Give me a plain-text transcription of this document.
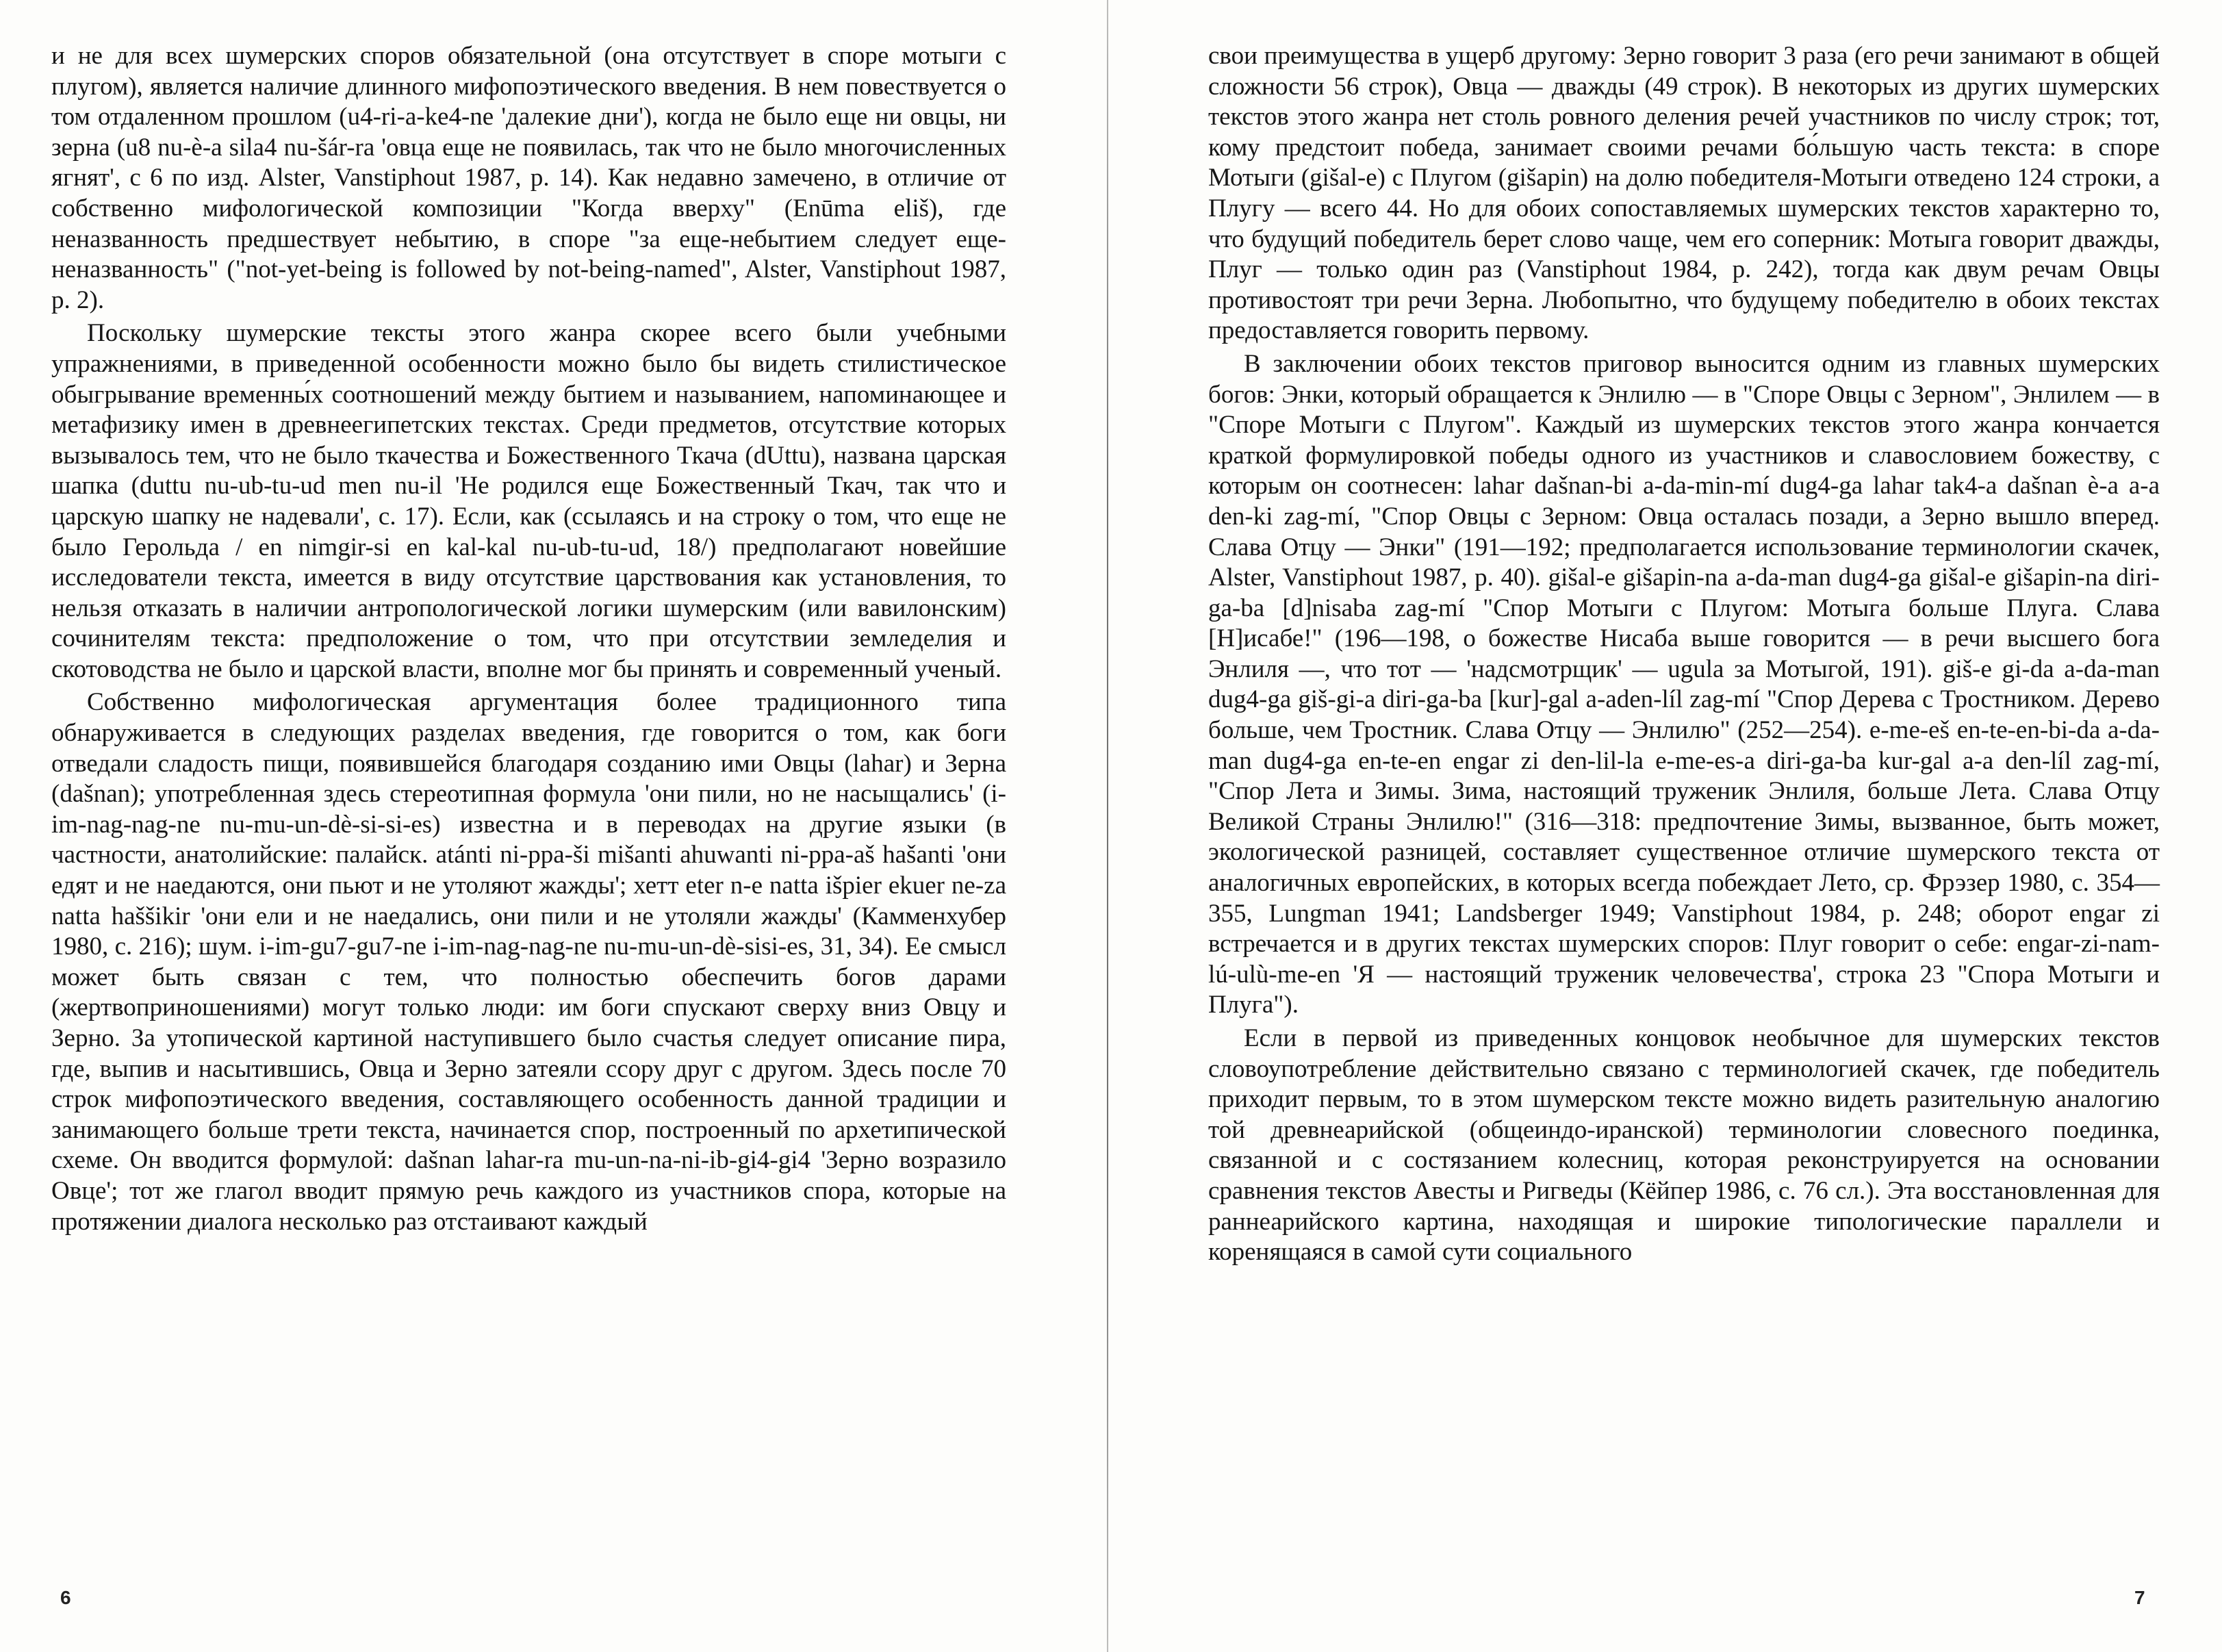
и не для всех шумерских споров обязательной (она отсутствует в споре мотыги с плугом), является наличие длинного мифопоэтического введения. В нем повествуется о том отдаленном прошлом (u4-ri-a-ke4-ne 'далекие дни'), когда не было еще ни овцы, ни зерна (u8 nu-è-a sila4 nu-šár-ra 'овца еще не появилась, так что не было многочисленных ягнят', с 6 по изд. Alster, Vanstiphout 1987, p. 14). Как недавно замечено, в отличие от собственно мифологической композиции "Когда вверху" (Enūma eliš), где неназванность предшествует небытию, в споре "за еще-небытием следует еще-неназванность" ("not-yet-being is followed by not-being-named", Alster, Vanstiphout 1987, p. 2).

Поскольку шумерские тексты этого жанра скорее всего были учебными упражнениями, в приведенной особенности можно было бы видеть стилистическое обыгрывание временны́х соотношений между бытием и называнием, напоминающее и метафизику имен в древнеегипетских текстах. Среди предметов, отсутствие которых вызывалось тем, что не было ткачества и Божественного Ткача (dUttu), названа царская шапка (duttu nu-ub-tu-ud men nu-il 'Не родился еще Божественный Ткач, так что и царскую шапку не надевали', с. 17). Если, как (ссылаясь и на строку о том, что еще не было Герольда / en nimgir-si en kal-kal nu-ub-tu-ud, 18/) предполагают новейшие исследователи текста, имеется в виду отсутствие царствования как установления, то нельзя отказать в наличии антропологической логики шумерским (или вавилонским) сочинителям текста: предположение о том, что при отсутствии земледелия и скотоводства не было и царской власти, вполне мог бы принять и современный ученый.

Собственно мифологическая аргументация более традиционного типа обнаруживается в следующих разделах введения, где говорится о том, как боги отведали сладость пищи, появившейся благодаря созданию ими Овцы (lahar) и Зерна (dašnan); употребленная здесь стереотипная формула 'они пили, но не насыщались' (i-im-nag-nag-ne nu-mu-un-dè-si-si-es) известна и в переводах на другие языки (в частности, анатолийские: палайск. atánti ni-ppa-ši mišanti ahuwanti ni-ppa-aš hašanti 'они едят и не наедаются, они пьют и не утоляют жажды'; хетт eter n-e natta išpier ekuer ne-za natta haššikir 'они ели и не наедались, они пили и не утоляли жажды' (Камменхубер 1980, с. 216); шум. i-im-gu7-gu7-ne i-im-nag-nag-ne nu-mu-un-dè-sisi-es, 31, 34). Ее смысл может быть связан с тем, что полностью обеспечить богов дарами (жертвоприношениями) могут только люди: им боги спускают сверху вниз Овцу и Зерно. За утопической картиной наступившего было счастья следует описание пира, где, выпив и насытившись, Овца и Зерно затеяли ссору друг с другом. Здесь после 70 строк мифопоэтического введения, составляющего особенность данной традиции и занимающего больше трети текста, начинается спор, построенный по архетипической схеме. Он вводится формулой: dašnan lahar-ra mu-un-na-ni-ib-gi4-gi4 'Зерно возразило Овце'; тот же глагол вводит прямую речь каждого из участников спора, которые на протяжении диалога несколько раз отстаивают каждый

свои преимущества в ущерб другому: Зерно говорит 3 раза (его речи занимают в общей сложности 56 строк), Овца — дважды (49 строк). В некоторых из других шумерских текстов этого жанра нет столь ровного деления речей участников по числу строк; тот, кому предстоит победа, занимает своими речами бо́льшую часть текста: в споре Мотыги (gišal-e) с Плугом (gišapin) на долю победителя-Мотыги отведено 124 строки, а Плугу — всего 44. Но для обоих сопоставляемых шумерских текстов характерно то, что будущий победитель берет слово чаще, чем его соперник: Мотыга говорит дважды, Плуг — только один раз (Vanstiphout 1984, p. 242), тогда как двум речам Овцы противостоят три речи Зерна. Любопытно, что будущему победителю в обоих текстах предоставляется говорить первому.

В заключении обоих текстов приговор выносится одним из главных шумерских богов: Энки, который обращается к Энлилю — в "Споре Овцы с Зерном", Энлилем — в "Споре Мотыги с Плугом". Каждый из шумерских текстов этого жанра кончается краткой формулировкой победы одного из участников и славословием божеству, с которым он соотнесен: lahar dašnan-bi a-da-min-mí dug4-ga lahar tak4-a dašnan è-a a-a den-ki zag-mí, "Спор Овцы с Зерном: Овца осталась позади, а Зерно вышло вперед. Слава Отцу — Энки" (191—192; предполагается использование терминологии скачек, Alster, Vanstiphout 1987, p. 40). gišal-e gišapin-na a-da-man dug4-ga gišal-e gišapin-na diri-ga-ba [d]nisaba zag-mí "Спор Мотыги с Плугом: Мотыга больше Плуга. Слава [Н]исабе!" (196—198, о божестве Нисаба выше говорится — в речи высшего бога Энлиля —, что тот — 'надсмотрщик' — ugula за Мотыгой, 191). giš-e gi-da a-da-man dug4-ga giš-gi-a diri-ga-ba [kur]-gal a-aden-líl zag-mí "Спор Дерева с Тростником. Дерево больше, чем Тростник. Слава Отцу — Энлилю" (252—254). e-me-eš en-te-en-bi-da a-da-man dug4-ga en-te-en engar zi den-lil-la e-me-es-a diri-ga-ba kur-gal a-a den-líl zag-mí, "Спор Лета и Зимы. Зима, настоящий труженик Энлиля, больше Лета. Слава Отцу Великой Страны Энлилю!" (316—318: предпочтение Зимы, вызванное, быть может, экологической разницей, составляет существенное отличие шумерского текста от аналогичных европейских, в которых всегда побеждает Лето, ср. Фрэзер 1980, с. 354—355, Lungman 1941; Landsberger 1949; Vanstiphout 1984, p. 248; оборот engar zi встречается и в других текстах шумерских споров: Плуг говорит о себе: engar-zi-nam-lú-ulù-me-en 'Я — настоящий труженик человечества', строка 23 "Спора Мотыги и Плуга").

Если в первой из приведенных концовок необычное для шумерских текстов словоупотребление действительно связано с терминологией скачек, где победитель приходит первым, то в этом шумерском тексте можно видеть разительную аналогию той древнеарийской (общеиндо-иранской) терминологии словесного поединка, связанной и с состязанием колесниц, которая реконструируется на основании сравнения текстов Авесты и Ригведы (Кёйпер 1986, с. 76 сл.). Эта восстановленная для раннеарийского картина, находящая и широкие типологические параллели и коренящаяся в самой сути социального

6	7
